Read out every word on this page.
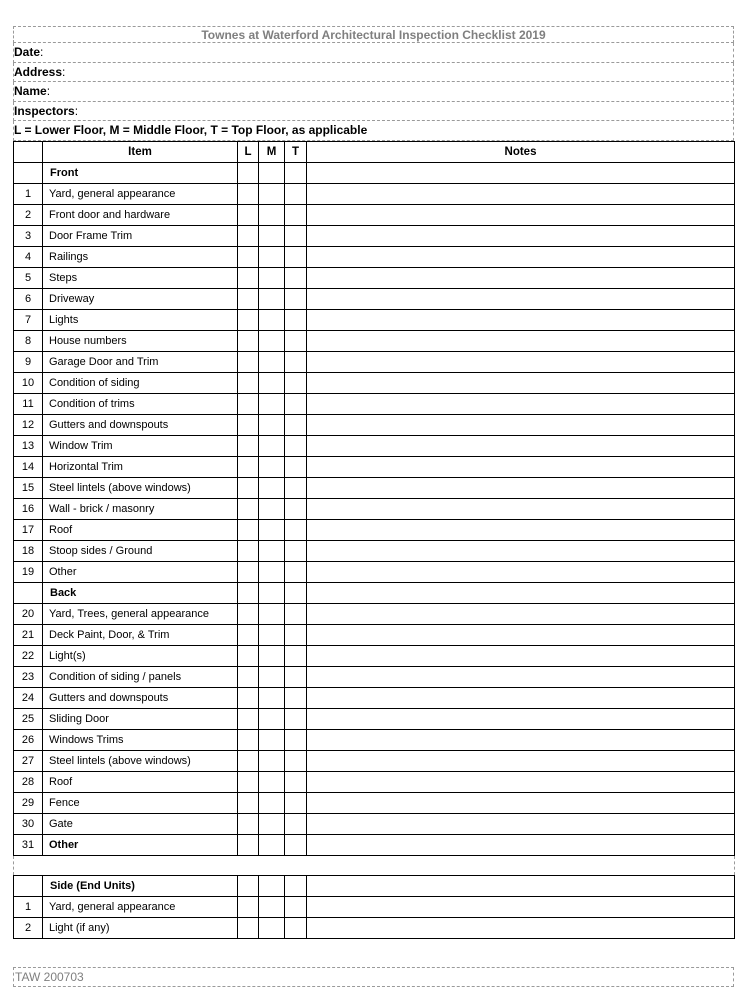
Townes at Waterford Architectural Inspection Checklist 2019
Date:
Address:
Name:
Inspectors:
L = Lower Floor, M = Middle Floor, T = Top Floor, as applicable
	Item	L	M	T	Notes
	Front				
1	Yard, general appearance				
2	Front door and hardware				
3	Door Frame Trim				
4	Railings				
5	Steps				
6	Driveway				
7	Lights				
8	House numbers				
9	Garage Door and Trim				
10	Condition of siding				
11	Condition of trims				
12	Gutters and downspouts				
13	Window Trim				
14	Horizontal Trim				
15	Steel lintels (above windows)				
16	Wall - brick / masonry				
17	Roof				
18	Stoop sides / Ground				
19	Other				
	Back				
20	Yard, Trees, general appearance				
21	Deck Paint, Door, & Trim				
22	Light(s)				
23	Condition of siding / panels				
24	Gutters and downspouts				
25	Sliding Door				
26	Windows Trims				
27	Steel lintels (above windows)				
28	Roof				
29	Fence				
30	Gate				
31	Other				

	Side (End Units)				
1	Yard, general appearance				
2	Light (if any)				
TAW 200703
